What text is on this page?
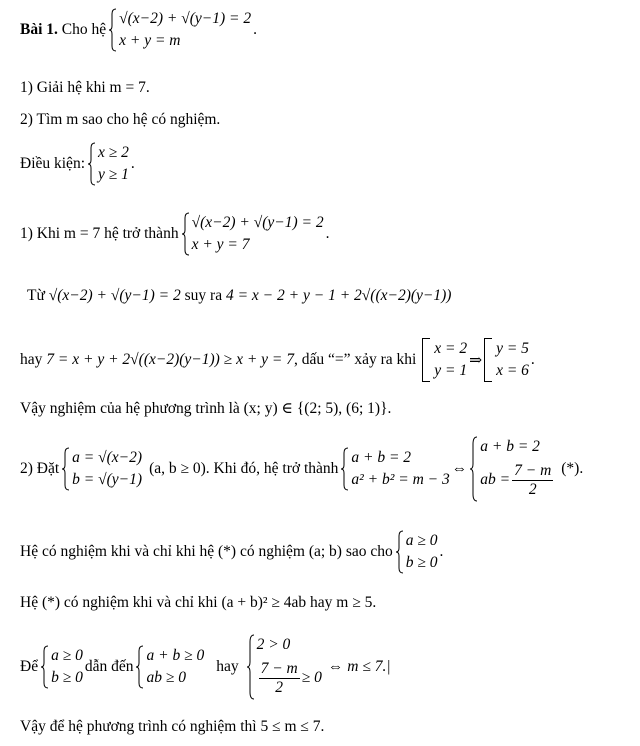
Bài 1.
Cho hệ
√(x−2) + √(y−1) = 2
x + y = m
.
1) Giải hệ khi m = 7.
2) Tìm m sao cho hệ có nghiệm.
Điều kiện:
x ≥ 2
y ≥ 1
.
1) Khi m = 7 hệ trở thành
√(x−2) + √(y−1) = 2
x + y = 7
.
Từ
√(x−2) + √(y−1) = 2
suy ra
4 = x − 2 + y − 1 + 2√((x−2)(y−1))
hay
7 = x + y + 2√((x−2)(y−1)) ≥ x + y = 7 , dấu “=” xảy ra khi

x = 2
y = 1
⇒
y = 5
x = 6
.
Vậy nghiệm của hệ phương trình là (x; y) ∈ {(2; 5), (6; 1)}.
2) Đặt
a = √(x−2)
b = √(y−1)
(a, b ≥ 0). Khi đó, hệ trở thành
a + b = 2
a² + b² = m − 3
⇔
a + b = 2
ab = $\frac{7 - m}{2}$ (*) .
Hệ có nghiệm khi và chỉ khi hệ (*) có nghiệm (a; b) sao cho
a ≥ 0
b ≥ 0
.
Hệ (*) có nghiệm khi và chỉ khi (a + b)² ≥ 4ab hay m ≥ 5.
Để
a ≥ 0
b ≥ 0
dẫn đến
a + b ≥ 0
ab ≥ 0
hay
2 > 0
$\frac{7 - m}{2} \ge 0$
⇔ m ≤ 7.|
Vậy để hệ phương trình có nghiệm thì 5 ≤ m ≤ 7.
